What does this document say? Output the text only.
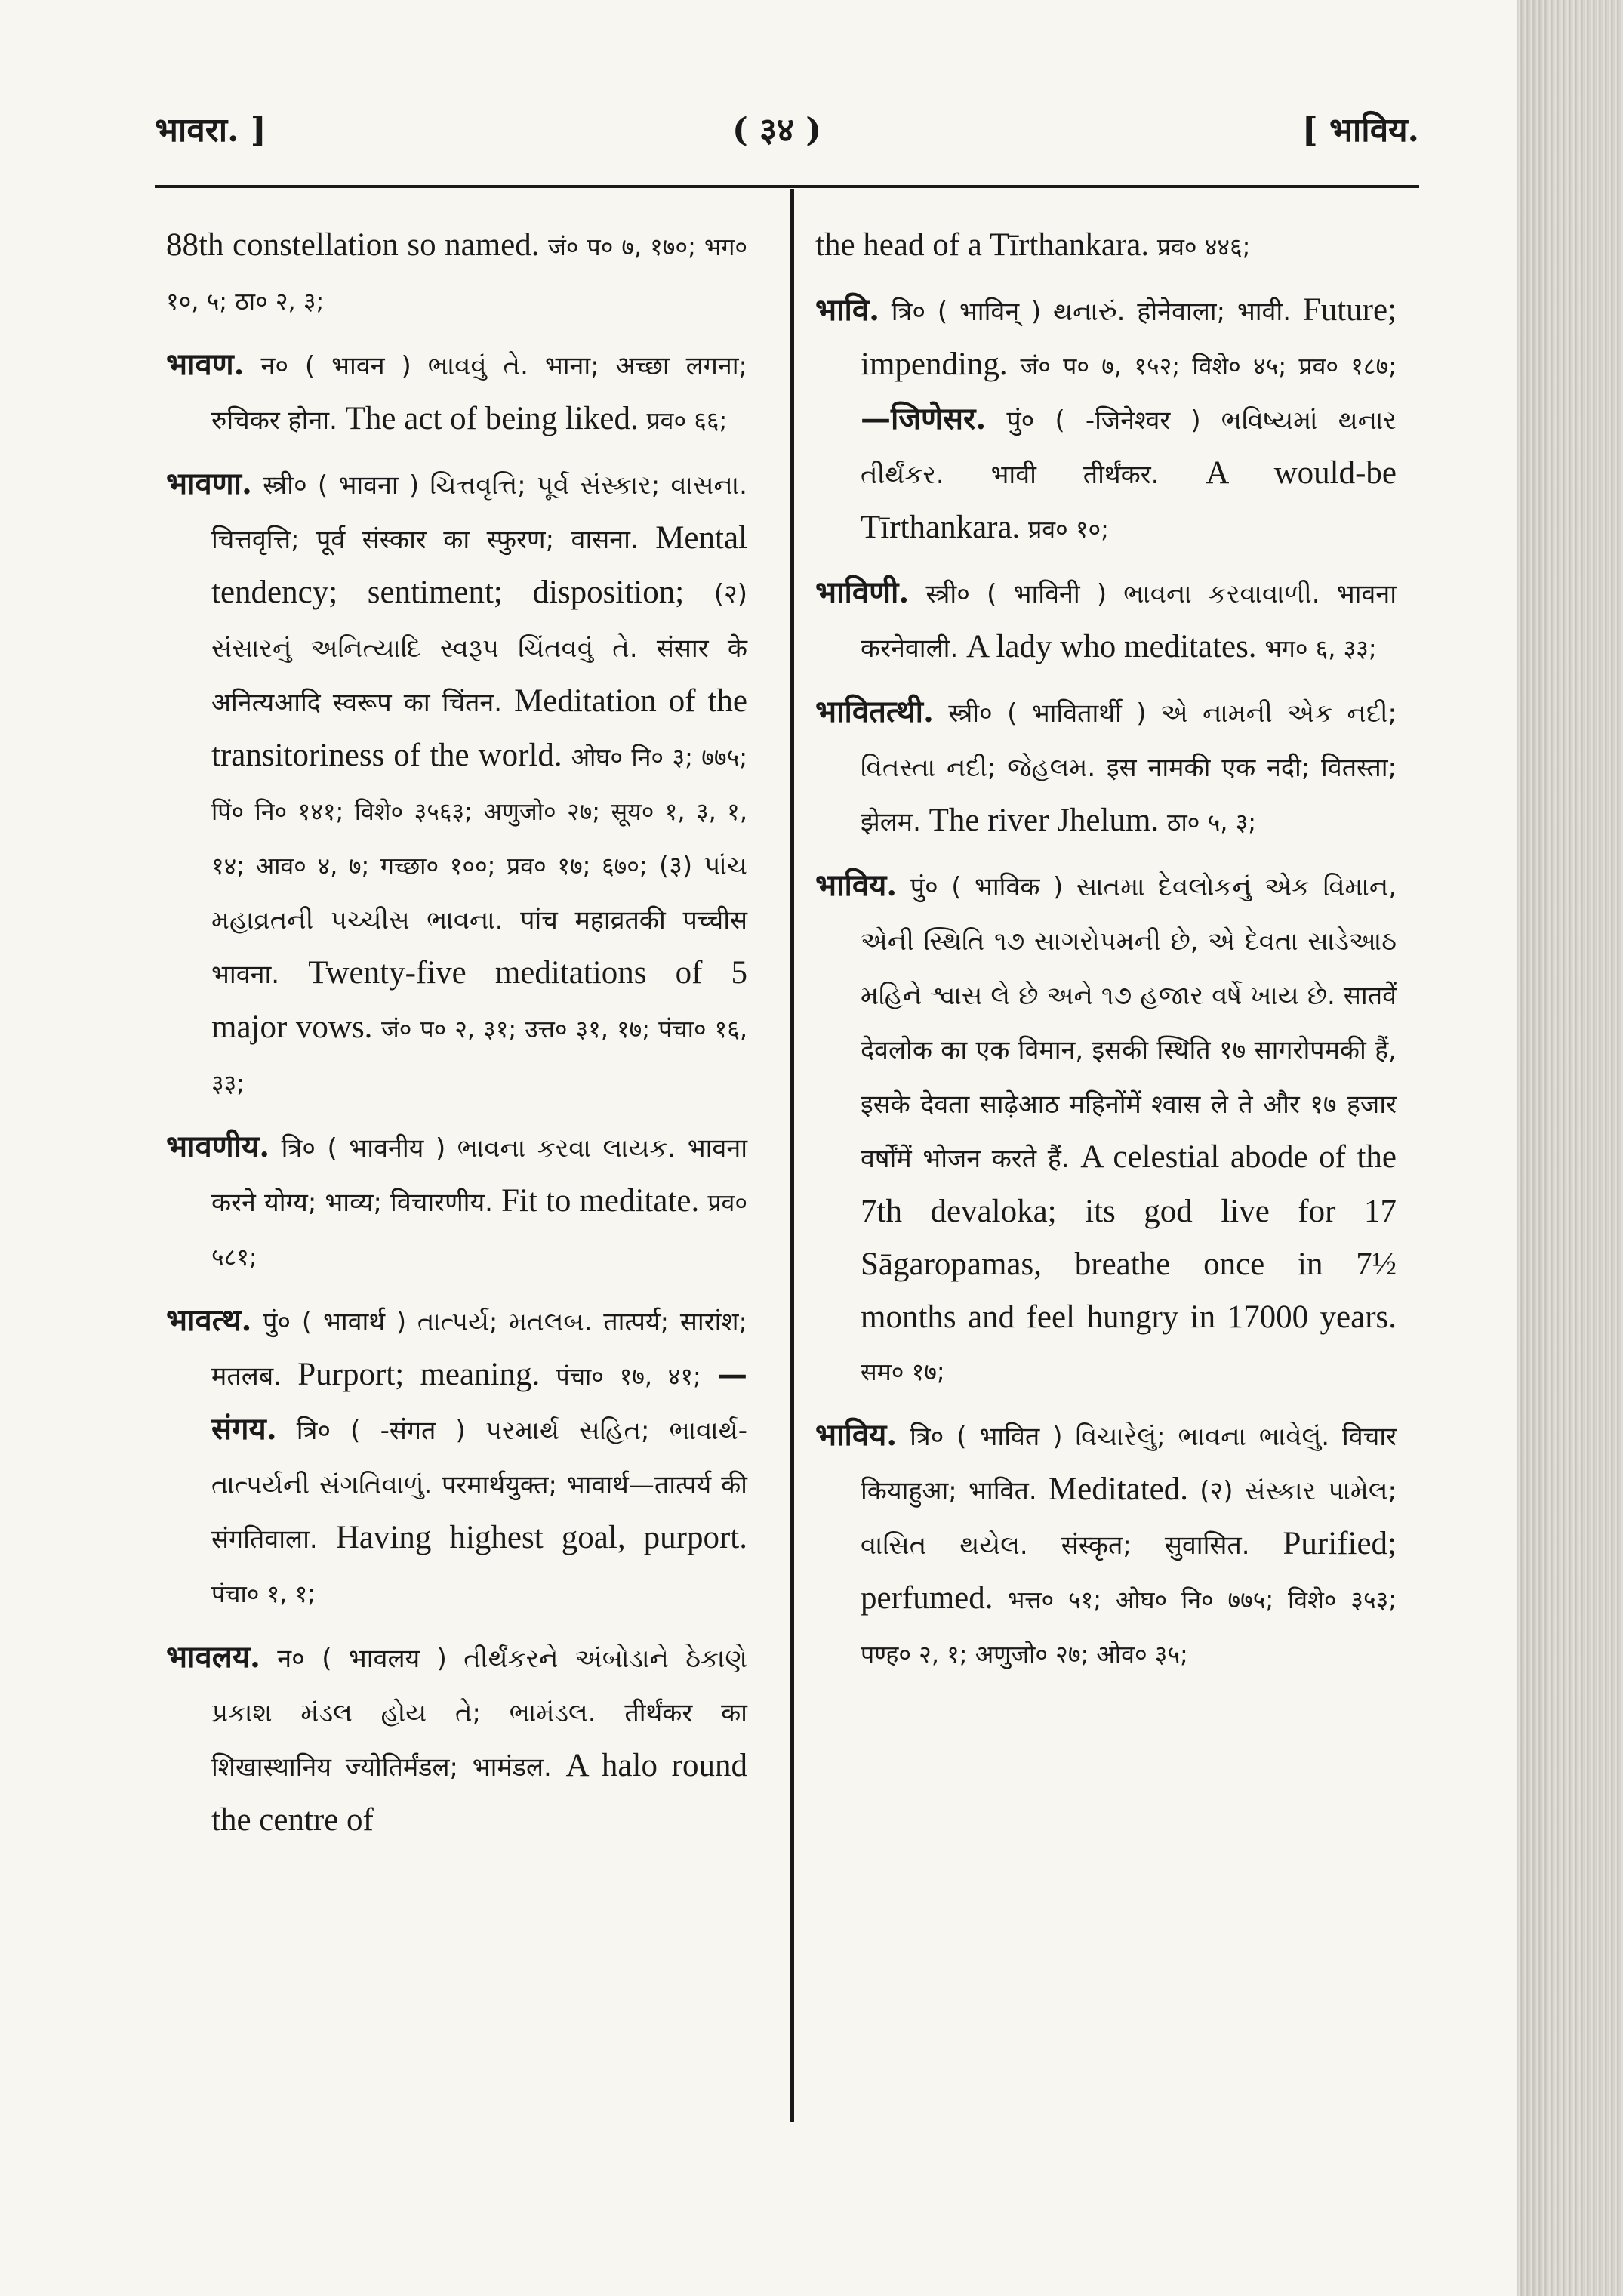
भावरा. ]	( ३४ )	[ भाविय.

88th constellation so named. जं० प० ७, १७०; भग० १०, ५; ठा० २, ३;

भावण. न० ( भावन ) ભાવવું તે. भाना; अच्छा लगना; रुचिकर होना. The act of being liked. प्रव० ६६;

भावणा. स्त्री० ( भावना ) ચિત્તવૃત્તિ; પૂર્વ સંસ્કાર; વાસના. चित्तवृत्ति; पूर्व संस्कार का स्फुरण; वासना. Mental tendency; sentiment; disposition; (२) સંસારનું અનિત્યાદિ સ્વરૂપ ચિંતવવું તે. संसार के अनित्यआदि स्वरूप का चिंतन. Meditation of the transitoriness of the world. ओघ० नि० ३; ७७५; पिं० नि० १४१; विशे० ३५६३; अणुजो० २७; सूय० १, ३, १, १४; आव० ४, ७; गच्छा० १००; प्रव० १७; ६७०; (३) પાંચ મહાવ્રતની પચ્ચીસ ભાવના. पांच महाव्रतकी पच्चीस भावना. Twenty-five meditations of 5 major vows. जं० प० २, ३१; उत्त० ३१, १७; पंचा० १६, ३३;

भावणीय. त्रि० ( भावनीय ) ભાવના કરવા લાયક. भावना करने योग्य; भाव्य; विचारणीय. Fit to meditate. प्रव० ५८१;

भावत्थ. पुं० ( भावार्थ ) તાત્પર્ય; મતલબ. तात्पर्य; सारांश; मतलब. Purport; meaning. पंचा० १७, ४१; —संगय. त्रि० ( -संगत ) પરમાર્થ સહિત; ભાવાર્થ-તાત્પર્યની સંગતિવાળું. परमार्थयुक्त; भावार्थ—तात्पर्य की संगतिवाला. Having highest goal, purport. पंचा० १, १;

भावलय. न० ( भावलय ) તીર્થંકરને અંબોડાને ઠેકાણે પ્રકાશ મંડલ હોય તે; ભામંડલ. तीर्थंकर का शिखास्थानिय ज्योतिर्मंडल; भामंडल. A halo round the centre of

the head of a Tīrthankara. प्रव० ४४६;

भावि. त्रि० ( भाविन् ) થનારું. होनेवाला; भावी. Future; impending. जं० प० ७, १५२; विशे० ४५; प्रव० १८७; —जिणेसर. पुं० ( -जिनेश्वर ) ભવિષ્યમાં થનાર તીર્થંકર. भावी तीर्थंकर. A would-be Tīrthankara. प्रव० १०;

भाविणी. स्त्री० ( भाविनी ) ભાવના કરવાવાળી. भावना करनेवाली. A lady who meditates. भग० ६, ३३;

भावितत्थी. स्त्री० ( भावितार्थी ) એ નામની એક નદી; વિતસ્તા નદી; જેહલમ. इस नामकी एक नदी; वितस्ता; झेलम. The river Jhelum. ठा० ५, ३;

भाविय. पुं० ( भाविक ) સાતમા દેવલોકનું એક વિમાન, એની સ્થિતિ ૧૭ સાગરોપમની છે, એ દેવતા સાડેઆઠ મહિને શ્વાસ લે છે અને ૧૭ હજાર વર્ષે ખાય છે. सातवें देवलोक का एक विमान, इसकी स्थिति १७ सागरोपमकी हैं, इसके देवता साढ़ेआठ महिनोंमें श्वास ले ते और १७ हजार वर्षोंमें भोजन करते हैं. A celestial abode of the 7th devaloka; its god live for 17 Sāgaropamas, breathe once in 7½ months and feel hungry in 17000 years. सम० १७;

भाविय. त्रि० ( भावित ) વિચારેલું; ભાવના ભાવેલું. विचार कियाहुआ; भावित. Meditated. (२) સંસ્કાર પામેલ; વાસિત થયેલ. संस्कृत; सुवासित. Purified; perfumed. भत्त० ५१; ओघ० नि० ७७५; विशे० ३५३; पण्ह० २, १; अणुजो० २७; ओव० ३५;
